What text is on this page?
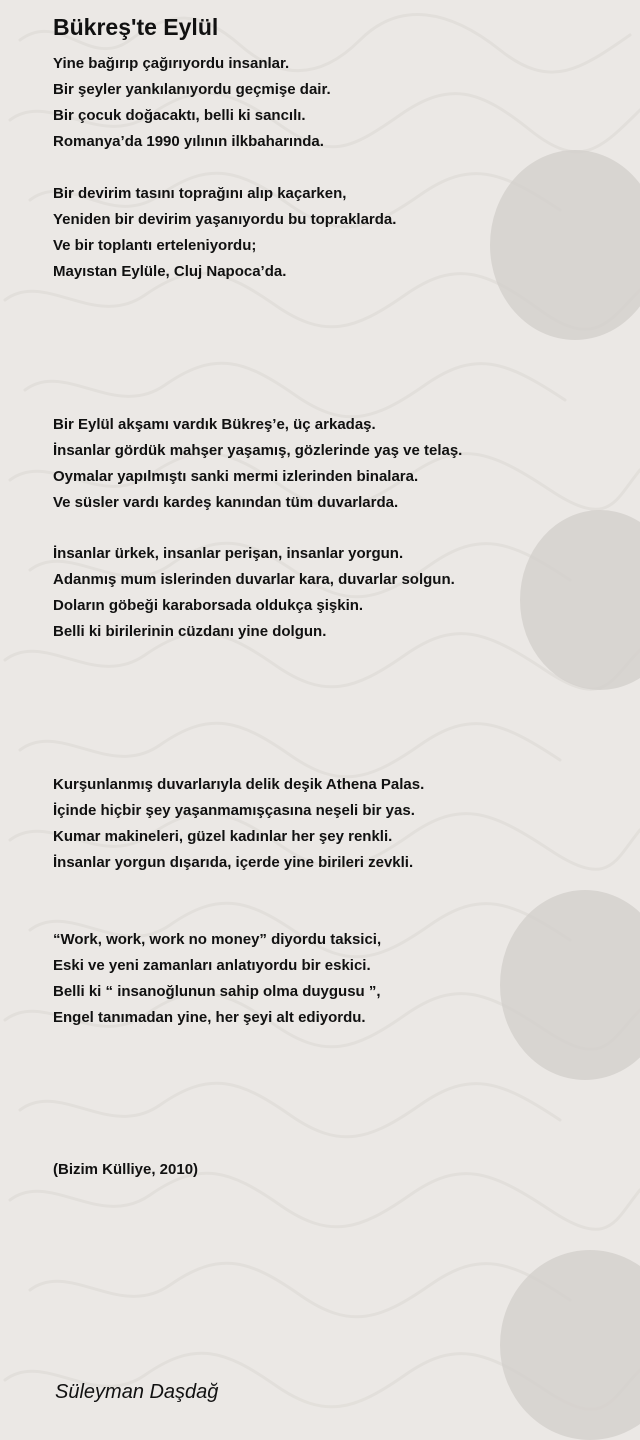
Bükreş'te Eylül
Yine bağırıp çağırıyordu insanlar.
Bir şeyler yankılanıyordu geçmişe dair.
Bir çocuk doğacaktı, belli ki sancılı.
Romanya’da 1990 yılının ilkbaharında.
Bir devirim tasını toprağını alıp kaçarken,
Yeniden bir devirim yaşanıyordu bu topraklarda.
Ve bir toplantı erteleniyordu;
Mayıstan Eylüle, Cluj Napoca’da.
Bir Eylül akşamı vardık Bükreş’e, üç arkadaş.
İnsanlar gördük mahşer yaşamış, gözlerinde yaş ve telaş.
Oymalar yapılmıştı sanki mermi izlerinden binalara.
Ve süsler vardı kardeş kanından tüm duvarlarda.
İnsanlar ürkek, insanlar perişan, insanlar yorgun.
Adanmış mum islerinden duvarlar kara, duvarlar solgun.
Doların göbeği karaborsada oldukça şişkin.
Belli ki birilerinin cüzdanı yine dolgun.
Kurşunlanmış duvarlarıyla delik deşik Athena Palas.
İçinde hiçbir şey yaşanmamışçasına neşeli bir yas.
Kumar makineleri, güzel kadınlar her şey renkli.
İnsanlar yorgun dışarıda, içerde yine birileri zevkli.
“Work, work, work no money” diyordu taksici,
Eski ve yeni zamanları anlatıyordu bir eskici.
Belli ki “ insanoğlunun sahip olma duygusu ”,
Engel tanımadan yine, her şeyi alt ediyordu.

(Bizim Külliye, 2010)

Süleyman Daşdağ
